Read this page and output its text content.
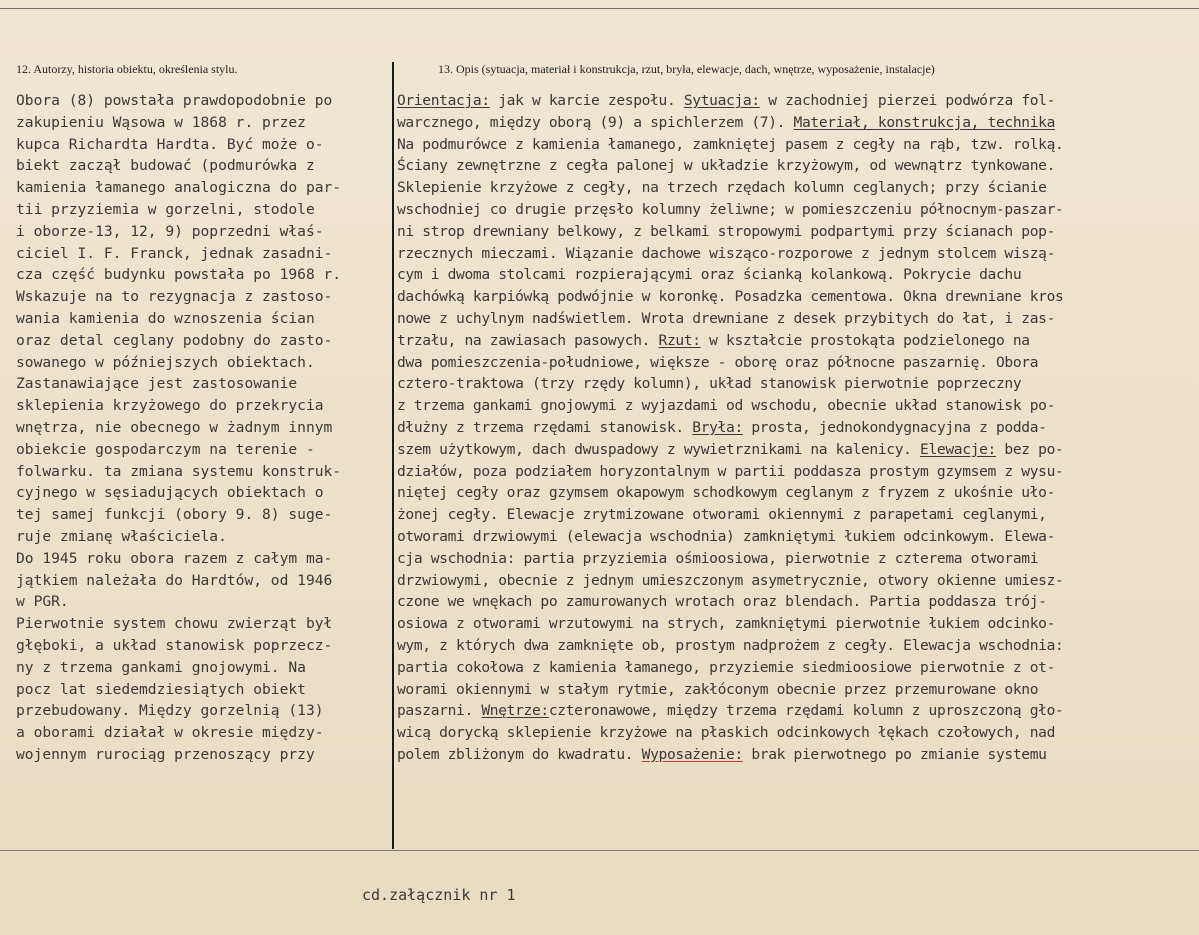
12. Autorzy, historia obiektu, określenia stylu.	13. Opis (sytuacja, materiał i konstrukcja, rzut, bryła, elewacje, dach, wnętrze, wyposażenie, instalacje)
Obora (8) powstała prawdopodobnie po
zakupieniu Wąsowa w 1868 r. przez
kupca Richardta Hardta. Być może o-
biekt zaczął budować (podmurówka z
kamienia łamanego analogiczna do par-
tii przyziemia w gorzelni, stodole
i oborze-13, 12, 9) poprzedni właś-
ciciel I. F. Franck, jednak zasadni-
cza część budynku powstała po 1968 r.
Wskazuje na to rezygnacja z zastoso-
wania kamienia do wznoszenia ścian
oraz detal ceglany podobny do zasto-
sowanego w późniejszych obiektach.
Zastanawiające jest zastosowanie
sklepienia krzyżowego do przekrycia
wnętrza, nie obecnego w żadnym innym
obiekcie gospodarczym na terenie -
folwarku. ta zmiana systemu konstruk-
cyjnego w sęsiadujących obiektach o
tej samej funkcji (obory 9. 8) suge-
ruje zmianę właściciela.
Do 1945 roku obora razem z całym ma-
jątkiem należała do Hardtów, od 1946
w PGR.
Pierwotnie system chowu zwierząt był
głęboki, a układ stanowisk poprzecz-
ny z trzema gankami gnojowymi. Na
pocz lat siedemdziesiątych obiekt
przebudowany. Między gorzelnią (13)
a oborami działał w okresie między-
wojennym rurociąg przenoszący przy
Orientacja: jak w karcie zespołu. Sytuacja: w zachodniej pierzei podwórza fol-
warcznego, między oborą (9) a spichlerzem (7). Materiał, konstrukcja, technika
Na podmurówce z kamienia łamanego, zamkniętej pasem z cegły na rąb, tzw. rolką.
Ściany zewnętrzne z cegła palonej w układzie krzyżowym, od wewnątrz tynkowane.
Sklepienie krzyżowe z cegły, na trzech rzędach kolumn ceglanych; przy ścianie
wschodniej co drugie przęsło kolumny żeliwne; w pomieszczeniu północnym-paszar-
ni strop drewniany belkowy, z belkami stropowymi podpartymi przy ścianach pop-
rzecznych mieczami. Wiązanie dachowe wisząco-rozporowe z jednym stolcem wiszą-
cym i dwoma stolcami rozpierającymi oraz ścianką kolankową. Pokrycie dachu
dachówką karpiówką podwójnie w koronkę. Posadzka cementowa. Okna drewniane kros
nowe z uchylnym nadświetlem. Wrota drewniane z desek przybitych do łat, i zas-
trzału, na zawiasach pasowych. Rzut: w kształcie prostokąta podzielonego na
dwa pomieszczenia-południowe, większe - oborę oraz północne paszarnię. Obora
cztero-traktowa (trzy rzędy kolumn), układ stanowisk pierwotnie poprzeczny
z trzema gankami gnojowymi z wyjazdami od wschodu, obecnie układ stanowisk po-
dłużny z trzema rzędami stanowisk. Bryła: prosta, jednokondygnacyjna z podda-
szem użytkowym, dach dwuspadowy z wywietrznikami na kalenicy. Elewacje: bez po-
działów, poza podziałem horyzontalnym w partii poddasza prostym gzymsem z wysu-
niętej cegły oraz gzymsem okapowym schodkowym ceglanym z fryzem z ukośnie uło-
żonej cegły. Elewacje zrytmizowane otworami okiennymi z parapetami ceglanymi,
otworami drzwiowymi (elewacja wschodnia) zamkniętymi łukiem odcinkowym. Elewa-
cja wschodnia: partia przyziemia ośmioosiowa, pierwotnie z czterema otworami
drzwiowymi, obecnie z jednym umieszczonym asymetrycznie, otwory okienne umiesz-
czone we wnękach po zamurowanych wrotach oraz blendach. Partia poddasza trój-
osiowa z otworami wrzutowymi na strych, zamkniętymi pierwotnie łukiem odcinko-
wym, z których dwa zamknięte ob, prostym nadprożem z cegły. Elewacja wschodnia:
partia cokołowa z kamienia łamanego, przyziemie siedmioosiowe pierwotnie z ot-
worami okiennymi w stałym rytmie, zakłóconym obecnie przez przemurowane okno
paszarni. Wnętrze:czteronawowe, między trzema rzędami kolumn z uproszczoną gło-
wicą dorycką sklepienie krzyżowe na płaskich odcinkowych łękach czołowych, nad
polem zbliżonym do kwadratu. Wyposażenie: brak pierwotnego po zmianie systemu
cd.załącznik nr 1
